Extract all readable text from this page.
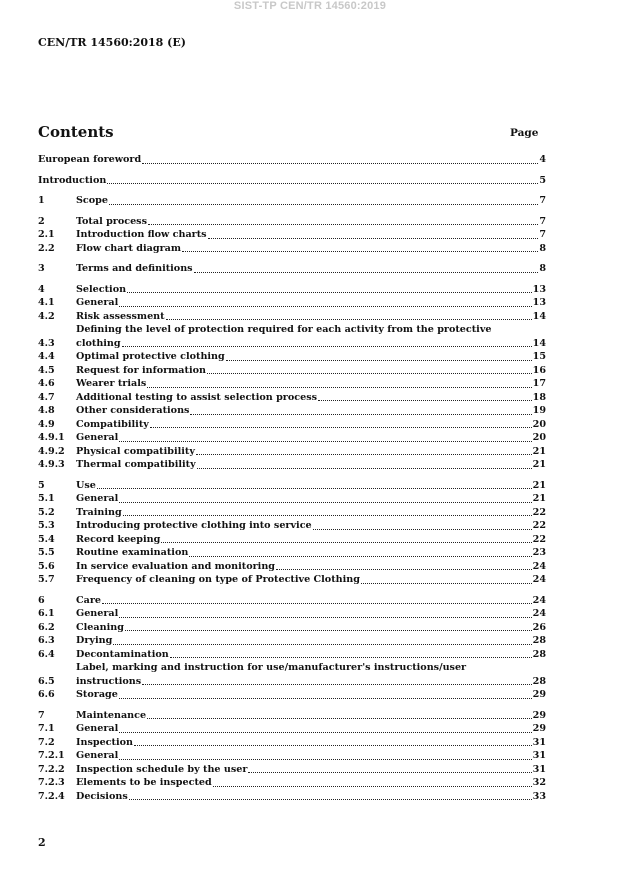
SIST-TP CEN/TR 14560:2019
CEN/TR 14560:2018 (E)
Contents	Page
European foreword	4
Introduction	5
1	Scope	7
2	Total process	7
2.1	Introduction flow charts	7
2.2	Flow chart diagram	8
3	Terms and definitions	8
4	Selection	13
4.1	General	13
4.2	Risk assessment	14
4.3
Defining the level of protection required for each activity from the protective
clothing	14
4.4	Optimal protective clothing	15
4.5	Request for information	16
4.6	Wearer trials	17
4.7	Additional testing to assist selection process	18
4.8	Other considerations	19
4.9	Compatibility	20
4.9.1	General	20
4.9.2	Physical compatibility	21
4.9.3	Thermal compatibility	21
5	Use	21
5.1	General	21
5.2	Training	22
5.3	Introducing protective clothing into service	22
5.4	Record keeping	22
5.5	Routine examination	23
5.6	In service evaluation and monitoring	24
5.7	Frequency of cleaning on type of Protective Clothing	24
6	Care	24
6.1	General	24
6.2	Cleaning	26
6.3	Drying	28
6.4	Decontamination	28
6.5
Label, marking and instruction for use/manufacturer's instructions/user
instructions	28
6.6	Storage	29
7	Maintenance	29
7.1	General	29
7.2	Inspection	31
7.2.1	General	31
7.2.2	Inspection schedule by the user	31
7.2.3	Elements to be inspected	32
7.2.4	Decisions	33
2
